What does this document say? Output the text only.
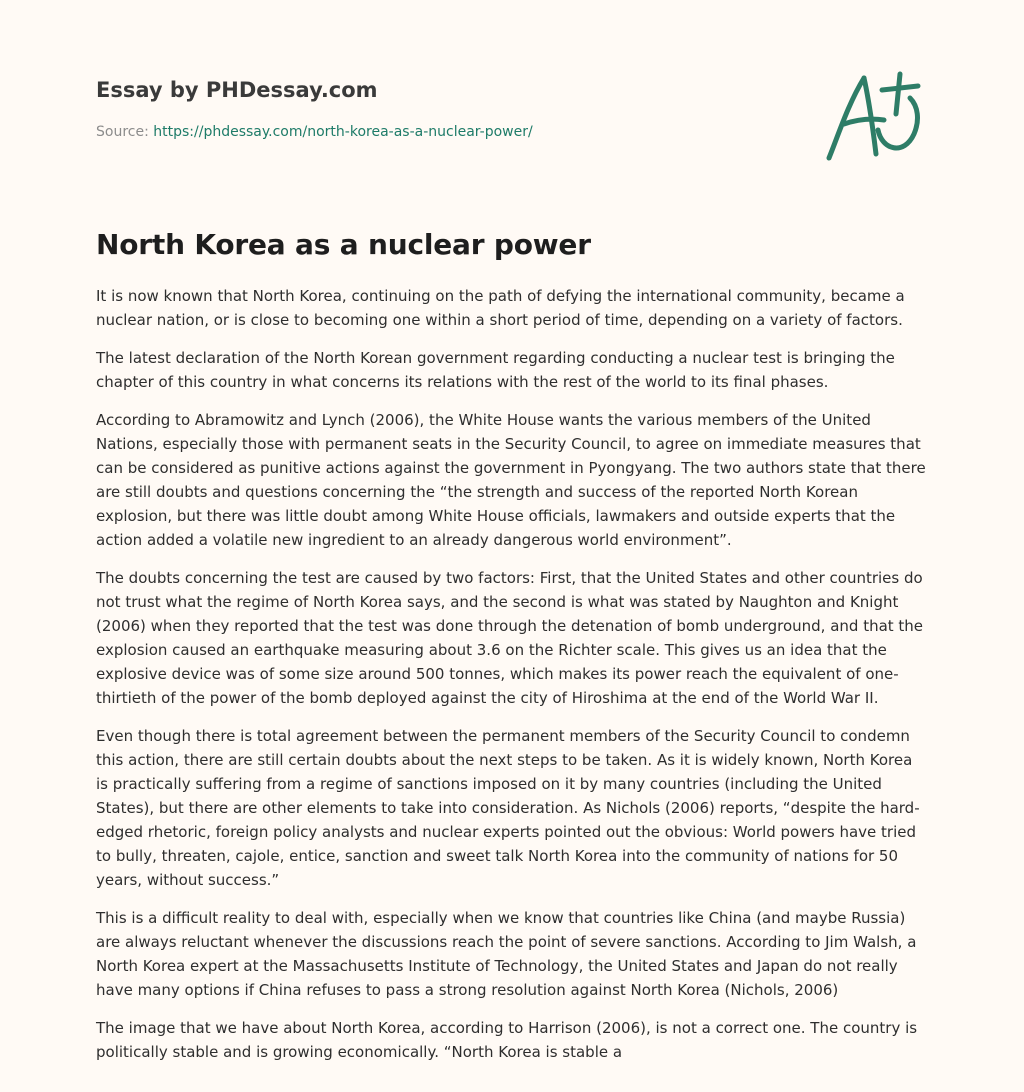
Essay by PHDessay.com
Source: https://phdessay.com/north-korea-as-a-nuclear-power/
North Korea as a nuclear power

It is now known that North Korea, continuing on the path of defying the international community, became a nuclear nation, or is close to becoming one within a short period of time, depending on a variety of factors.

The latest declaration of the North Korean government regarding conducting a nuclear test is bringing the chapter of this country in what concerns its relations with the rest of the world to its final phases.

According to Abramowitz and Lynch (2006), the White House wants the various members of the United Nations, especially those with permanent seats in the Security Council, to agree on immediate measures that can be considered as punitive actions against the government in Pyongyang. The two authors state that there are still doubts and questions concerning the “the strength and success of the reported North Korean explosion, but there was little doubt among White House officials, lawmakers and outside experts that the action added a volatile new ingredient to an already dangerous world environment”.

The doubts concerning the test are caused by two factors: First, that the United States and other countries do not trust what the regime of North Korea says, and the second is what was stated by Naughton and Knight (2006) when they reported that the test was done through the detenation of bomb underground, and that the explosion caused an earthquake measuring about 3.6 on the Richter scale. This gives us an idea that the explosive device was of some size around 500 tonnes, which makes its power reach the equivalent of one-thirtieth of the power of the bomb deployed against the city of Hiroshima at the end of the World War II.

Even though there is total agreement between the permanent members of the Security Council to condemn this action, there are still certain doubts about the next steps to be taken. As it is widely known, North Korea is practically suffering from a regime of sanctions imposed on it by many countries (including the United States), but there are other elements to take into consideration. As Nichols (2006) reports, “despite the hard-edged rhetoric, foreign policy analysts and nuclear experts pointed out the obvious: World powers have tried to bully, threaten, cajole, entice, sanction and sweet talk North Korea into the community of nations for 50 years, without success.”

This is a difficult reality to deal with, especially when we know that countries like China (and maybe Russia) are always reluctant whenever the discussions reach the point of severe sanctions. According to Jim Walsh, a North Korea expert at the Massachusetts Institute of Technology, the United States and Japan do not really have many options if China refuses to pass a strong resolution against North Korea (Nichols, 2006)

The image that we have about North Korea, according to Harrison (2006), is not a correct one. The country is politically stable and is growing economically. “North Korea is stable a
